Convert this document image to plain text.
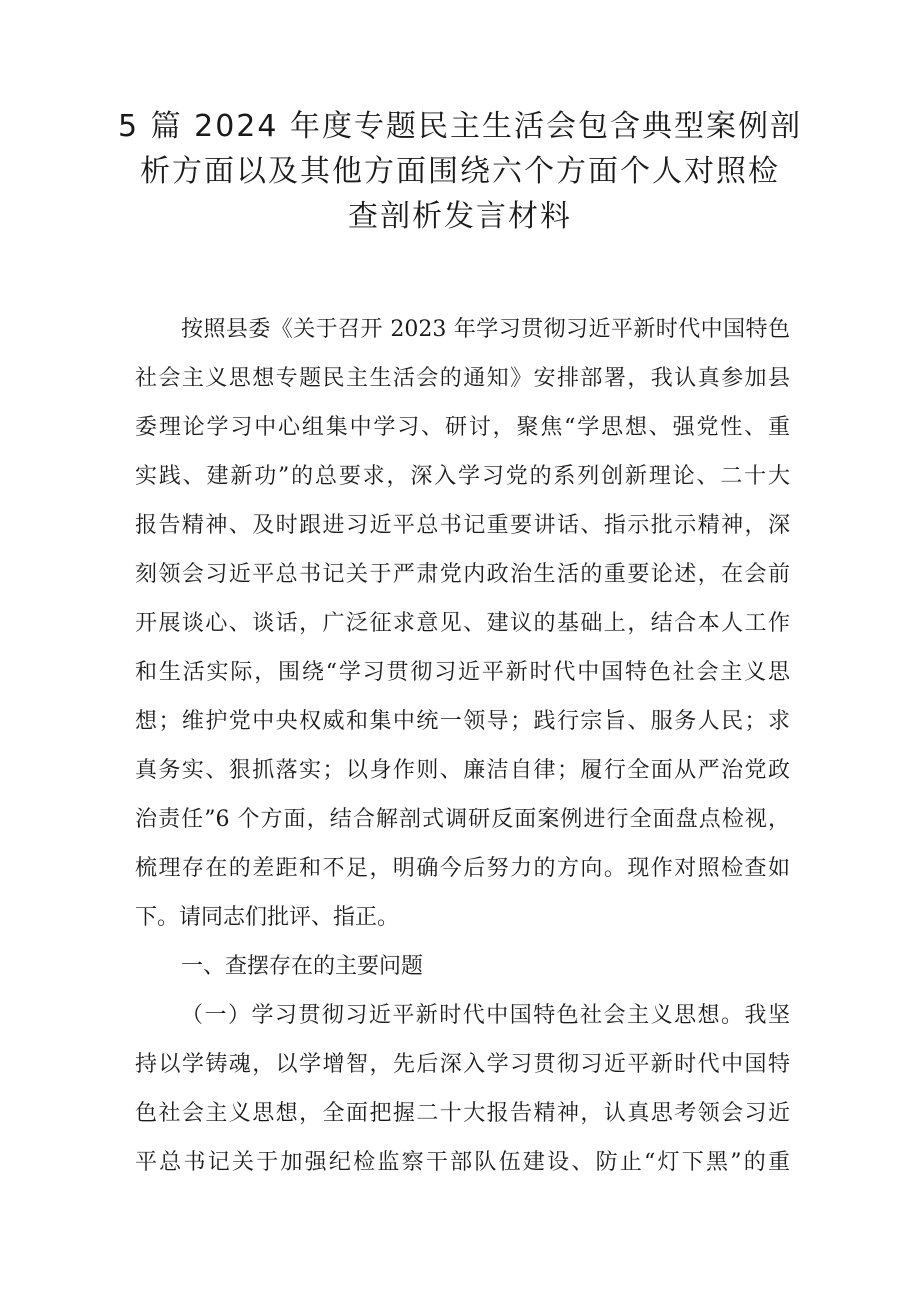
5 篇 2024 年度专题民主生活会包含典型案例剖
析方面以及其他方面围绕六个方面个人对照检
查剖析发言材料
按照县委《关于召开 2023 年学习贯彻习近平新时代中国特色
社会主义思想专题民主生活会的通知》安排部署，我认真参加县
委理论学习中心组集中学习、研讨，聚焦“学思想、强党性、重
实践、建新功”的总要求，深入学习党的系列创新理论、二十大
报告精神、及时跟进习近平总书记重要讲话、指示批示精神，深
刻领会习近平总书记关于严肃党内政治生活的重要论述，在会前
开展谈心、谈话，广泛征求意见、建议的基础上，结合本人工作
和生活实际，围绕“学习贯彻习近平新时代中国特色社会主义思
想；维护党中央权威和集中统一领导；践行宗旨、服务人民；求
真务实、狠抓落实；以身作则、廉洁自律；履行全面从严治党政
治责任”6 个方面，结合解剖式调研反面案例进行全面盘点检视，
梳理存在的差距和不足，明确今后努力的方向。现作对照检查如
下。请同志们批评、指正。
一、查摆存在的主要问题
（一）学习贯彻习近平新时代中国特色社会主义思想。我坚
持以学铸魂，以学增智，先后深入学习贯彻习近平新时代中国特
色社会主义思想，全面把握二十大报告精神，认真思考领会习近
平总书记关于加强纪检监察干部队伍建设、防止“灯下黑”的重
